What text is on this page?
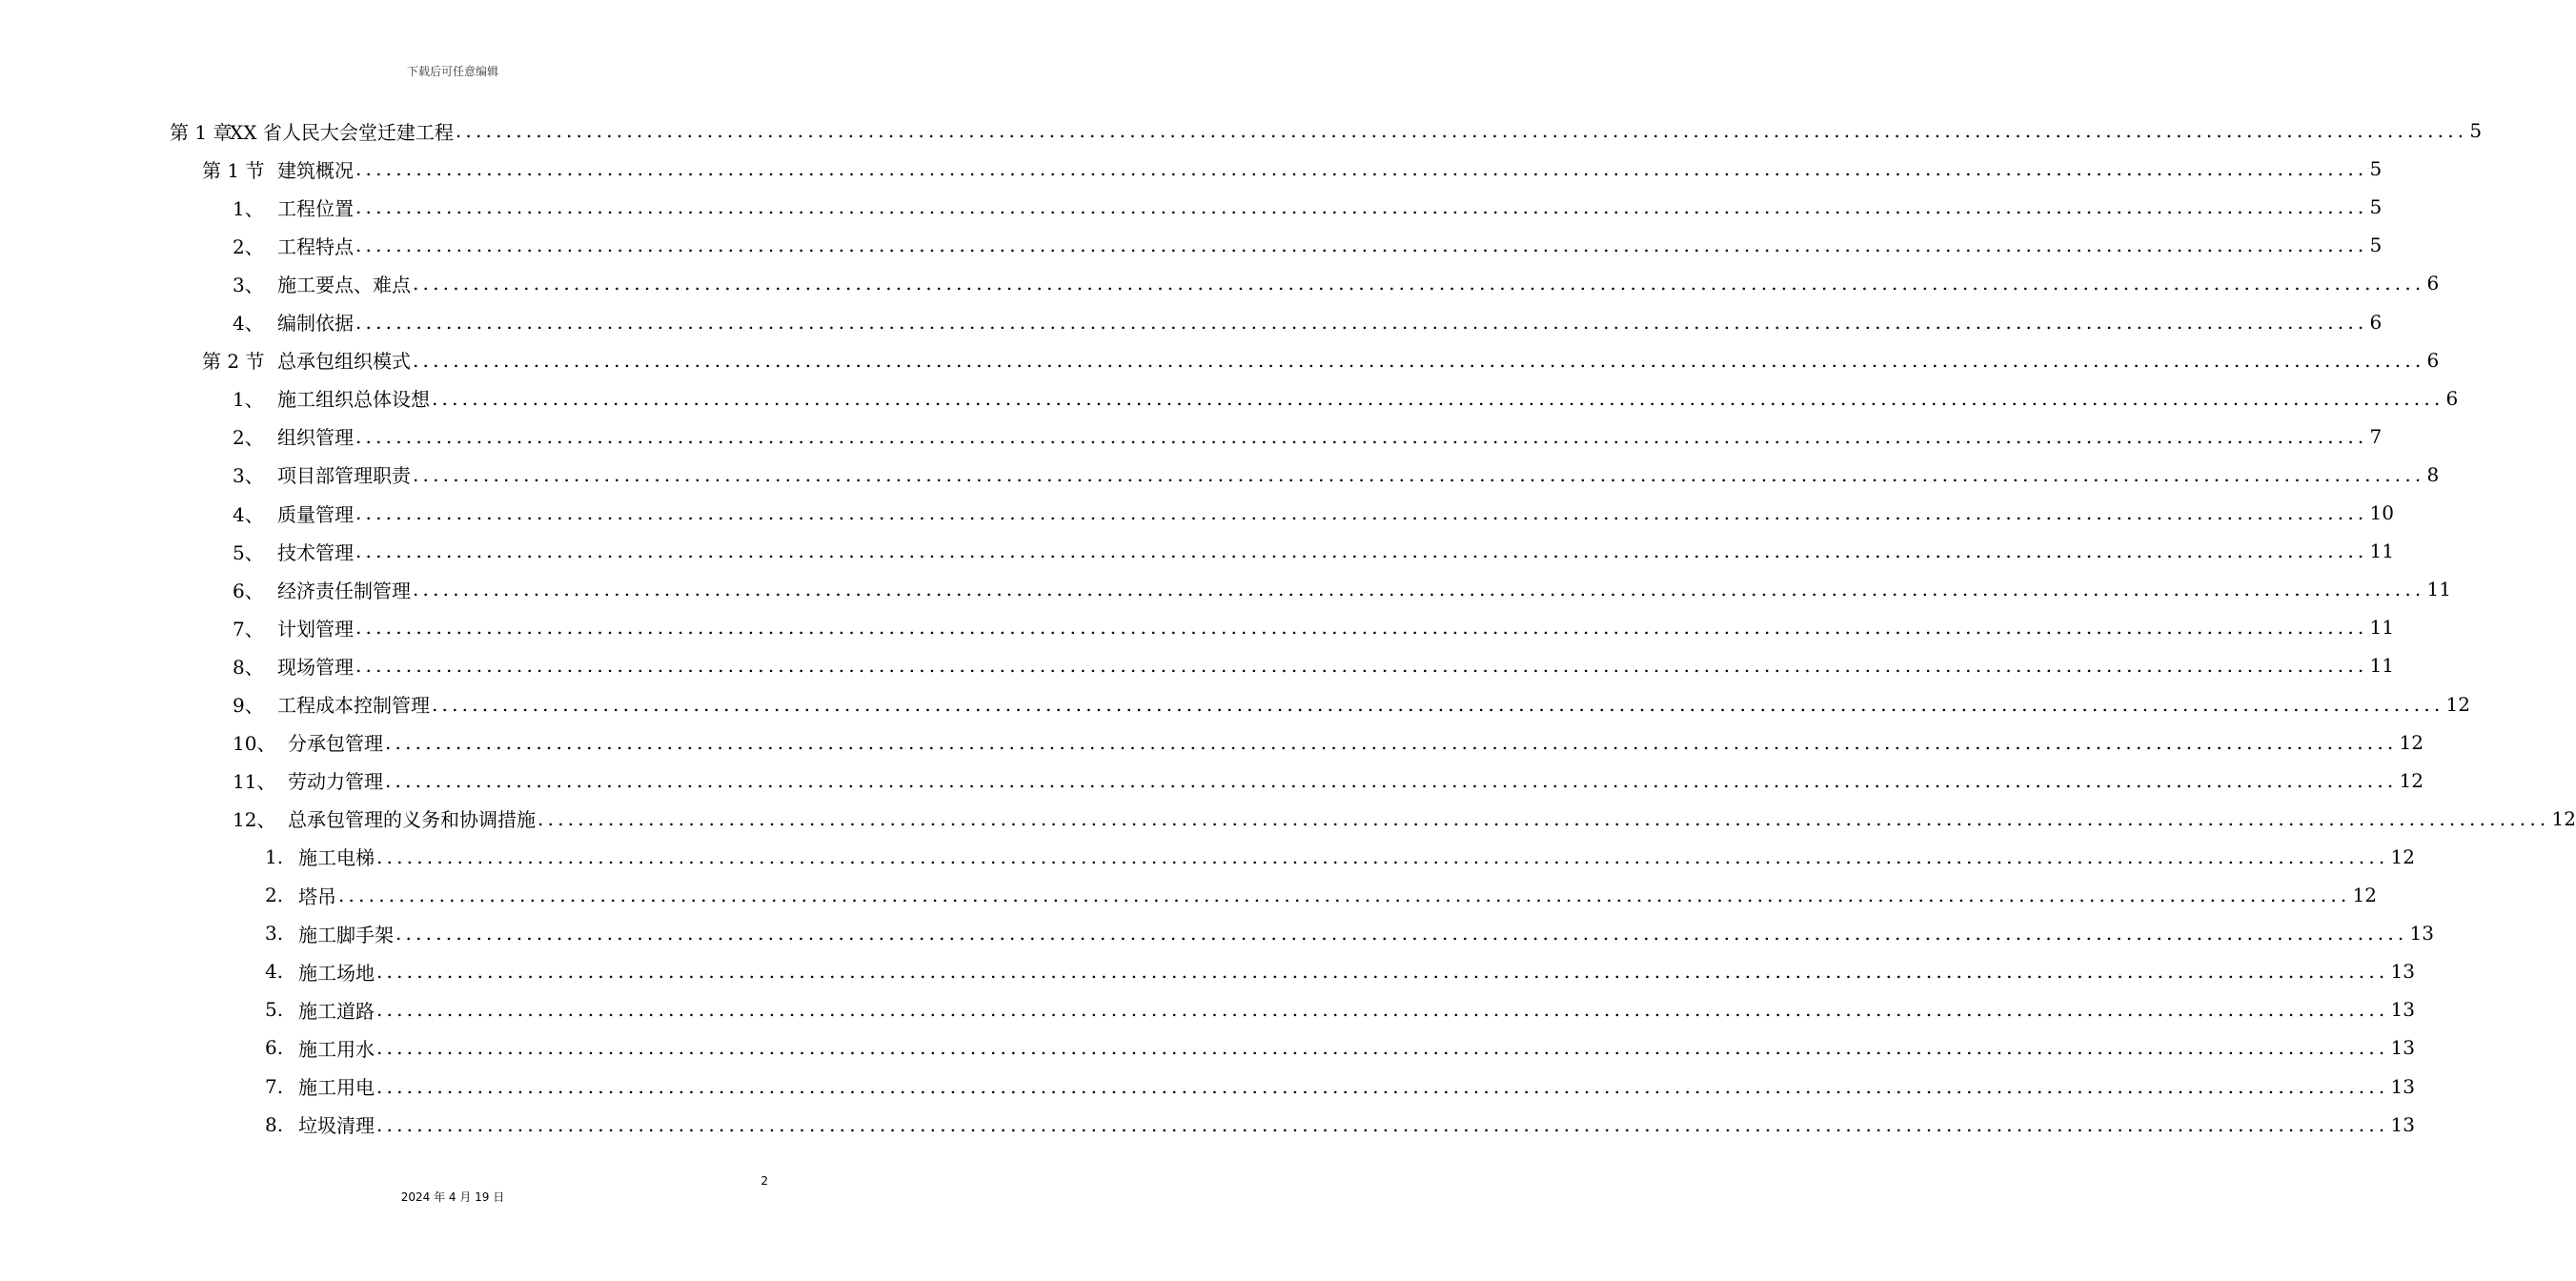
下载后可任意编辑
第 1 章
XX 省人民大会堂迁建工程 ........................................................................................................................................................................................................ 5
第 1 节 建筑概况 ........................................................................................................................................................................................................ 5
1、 工程位置 ........................................................................................................................................................................................................ 5
2、 工程特点 ........................................................................................................................................................................................................ 5
3、 施工要点、难点 ........................................................................................................................................................................................................ 6
4、 编制依据 ........................................................................................................................................................................................................ 6
第 2 节 总承包组织模式 ........................................................................................................................................................................................................ 6
1、 施工组织总体设想 ........................................................................................................................................................................................................ 6
2、 组织管理 ........................................................................................................................................................................................................ 7
3、 项目部管理职责 ........................................................................................................................................................................................................ 8
4、 质量管理 ........................................................................................................................................................................................................ 10
5、 技术管理 ........................................................................................................................................................................................................ 11
6、 经济责任制管理 ........................................................................................................................................................................................................ 11
7、 计划管理 ........................................................................................................................................................................................................ 11
8、 现场管理 ........................................................................................................................................................................................................ 11
9、 工程成本控制管理 ........................................................................................................................................................................................................ 12
10、 分承包管理 ........................................................................................................................................................................................................ 12
11、 劳动力管理 ........................................................................................................................................................................................................ 12
12、 总承包管理的义务和协调措施 ........................................................................................................................................................................................................ 12
1. 施工电梯 ........................................................................................................................................................................................................ 12
2. 塔吊 ........................................................................................................................................................................................................ 12
3. 施工脚手架 ........................................................................................................................................................................................................ 13
4. 施工场地 ........................................................................................................................................................................................................ 13
5. 施工道路 ........................................................................................................................................................................................................ 13
6. 施工用水 ........................................................................................................................................................................................................ 13
7. 施工用电 ........................................................................................................................................................................................................ 13
8. 垃圾清理 ........................................................................................................................................................................................................ 13
2
2024 年 4 月 19 日
